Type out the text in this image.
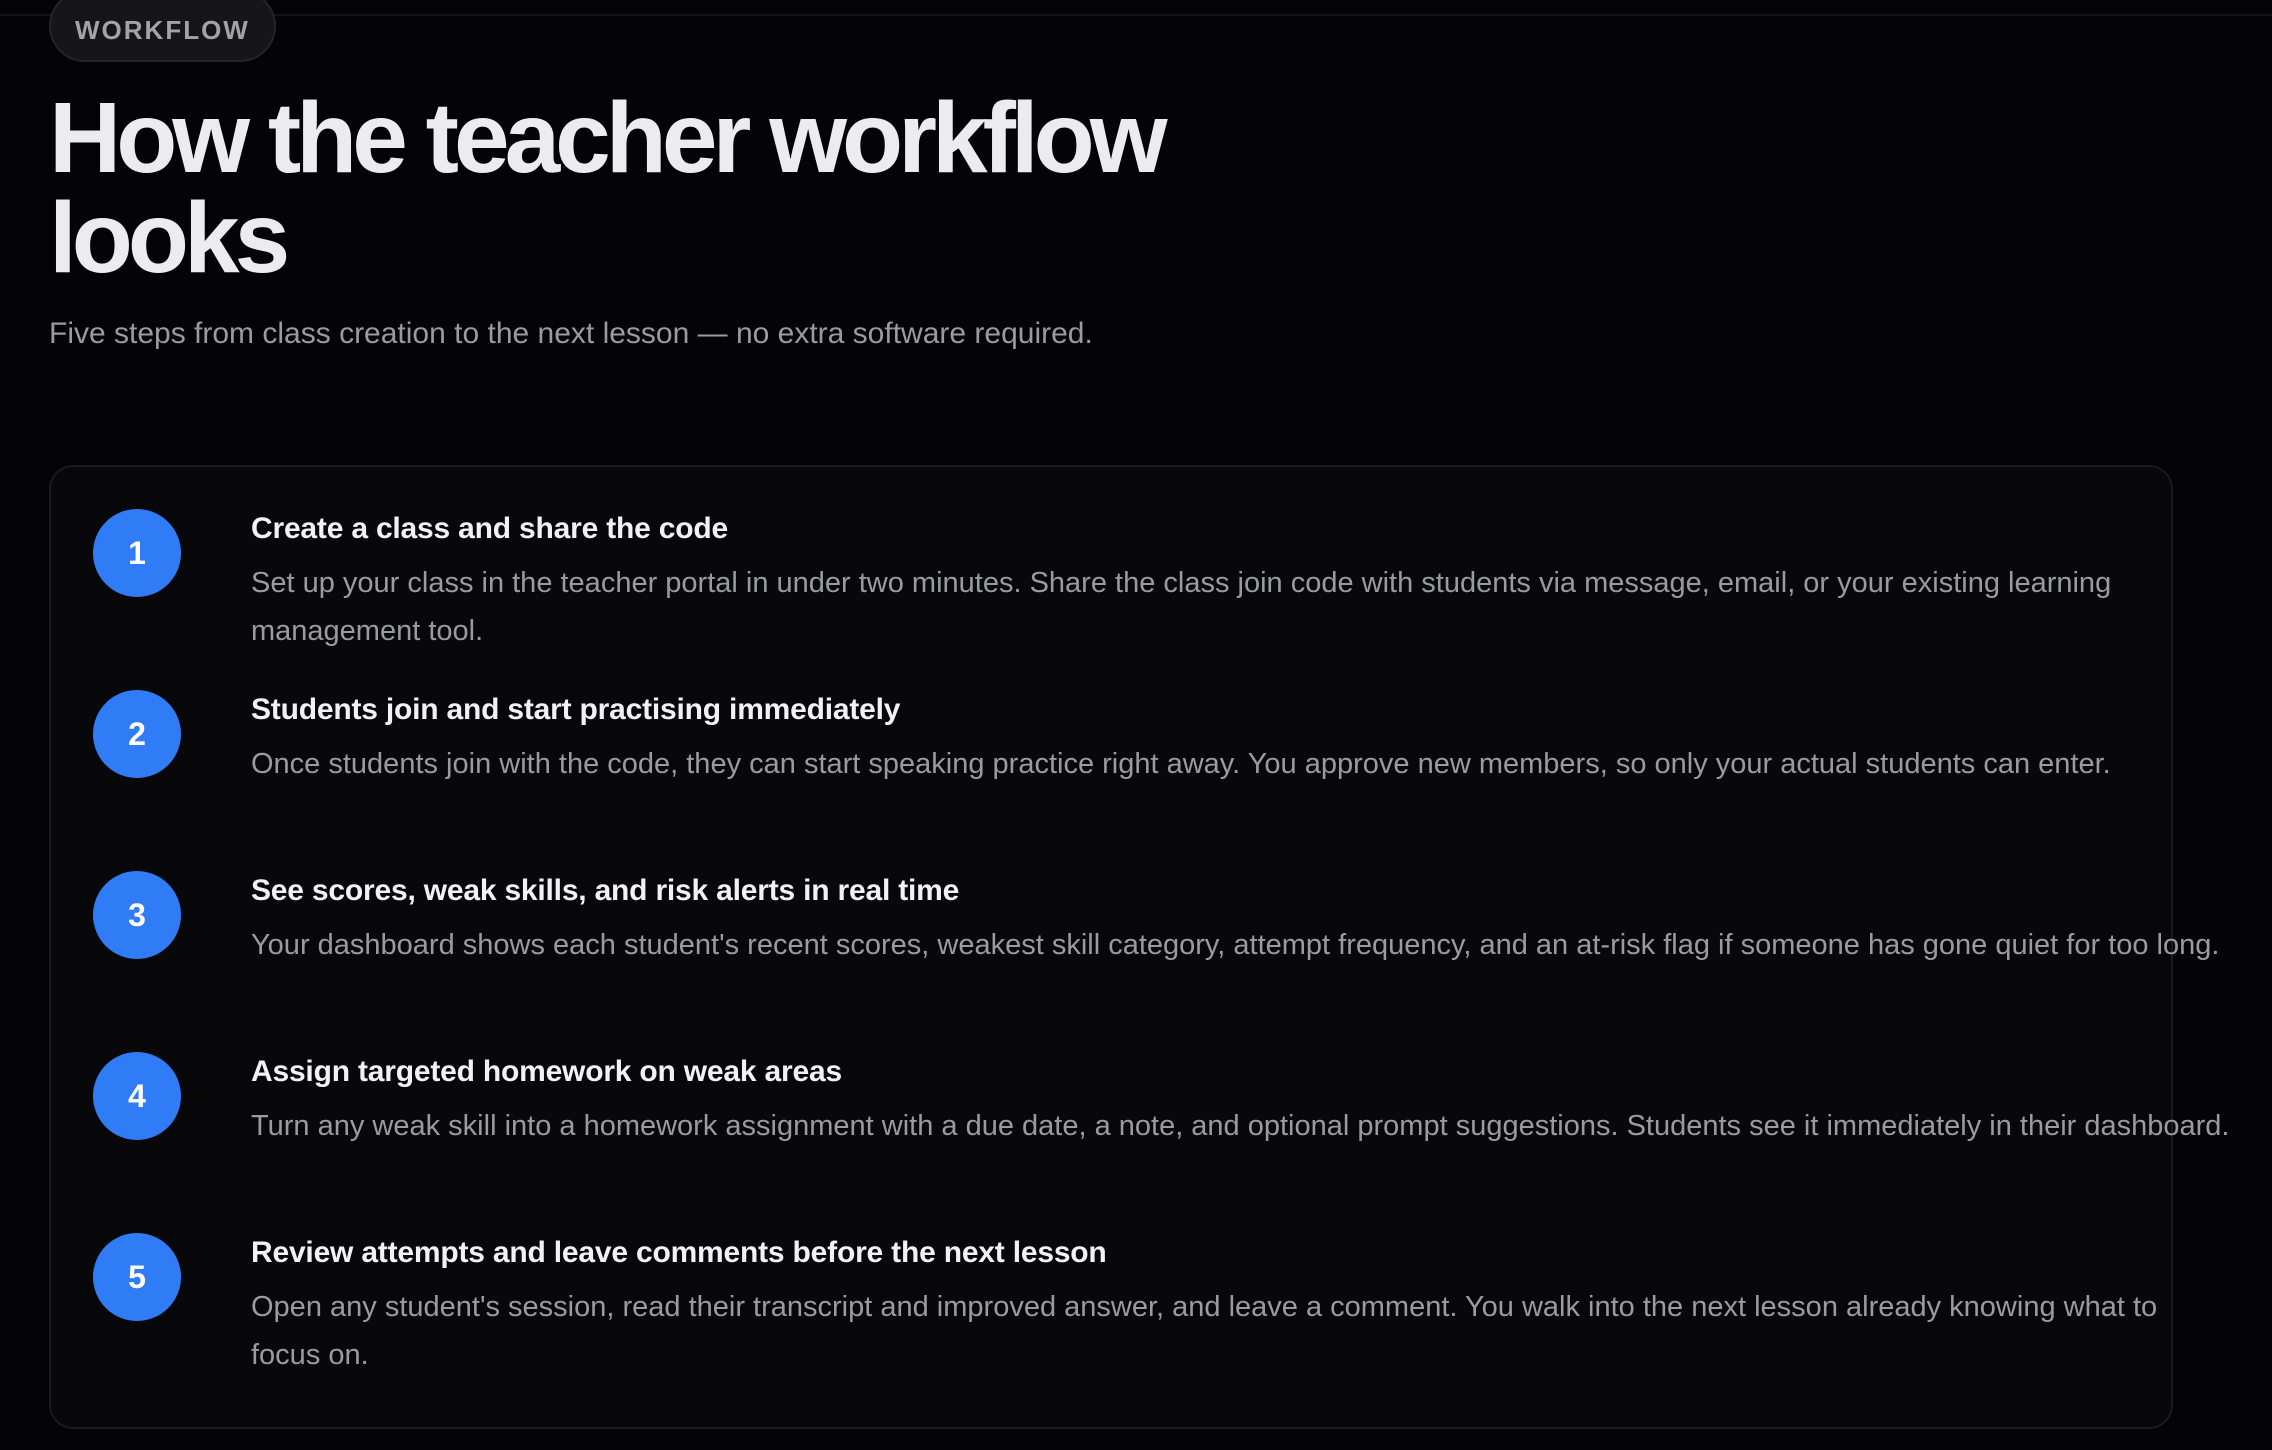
WORKFLOW
How the teacher workflow looks

Five steps from class creation to the next lesson — no extra software required.

1
Create a class and share the code

Set up your class in the teacher portal in under two minutes. Share the class join code with students via message, email, or your existing learning management tool.

2
Students join and start practising immediately

Once students join with the code, they can start speaking practice right away. You approve new members, so only your actual students can enter.

3
See scores, weak skills, and risk alerts in real time

Your dashboard shows each student's recent scores, weakest skill category, attempt frequency, and an at-risk flag if someone has gone quiet for too long.

4
Assign targeted homework on weak areas

Turn any weak skill into a homework assignment with a due date, a note, and optional prompt suggestions. Students see it immediately in their dashboard.

5
Review attempts and leave comments before the next lesson

Open any student's session, read their transcript and improved answer, and leave a comment. You walk into the next lesson already knowing what to focus on.
